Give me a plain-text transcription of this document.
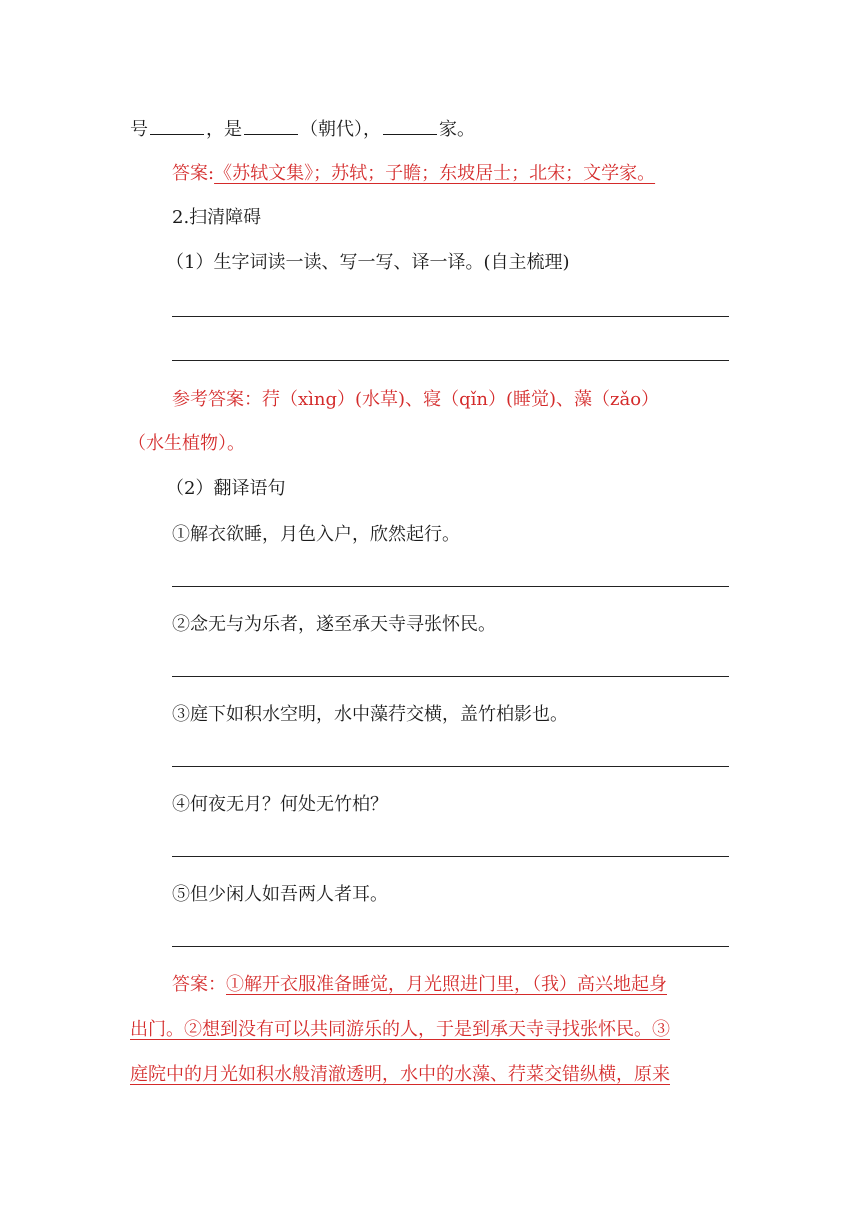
号	，是	（朝代），	家。
答案:《苏轼文集》；苏轼；子瞻；东坡居士；北宋；文学家。
2.扫清障碍
（1）生字词读一读、写一写、译一译。(自主梳理)
参考答案：荇（xìng）(水草)、寝（qǐn）(睡觉)、藻（zǎo）
（水生植物）。
（2）翻译语句
①解衣欲睡，月色入户，欣然起行。
②念无与为乐者，遂至承天寺寻张怀民。
③庭下如积水空明，水中藻荇交横，盖竹柏影也。
④何夜无月？何处无竹柏？
⑤但少闲人如吾两人者耳。
答案：①解开衣服准备睡觉，月光照进门里，（我）高兴地起身
出门。②想到没有可以共同游乐的人，于是到承天寺寻找张怀民。③
庭院中的月光如积水般清澈透明，水中的水藻、荇菜交错纵横，原来
